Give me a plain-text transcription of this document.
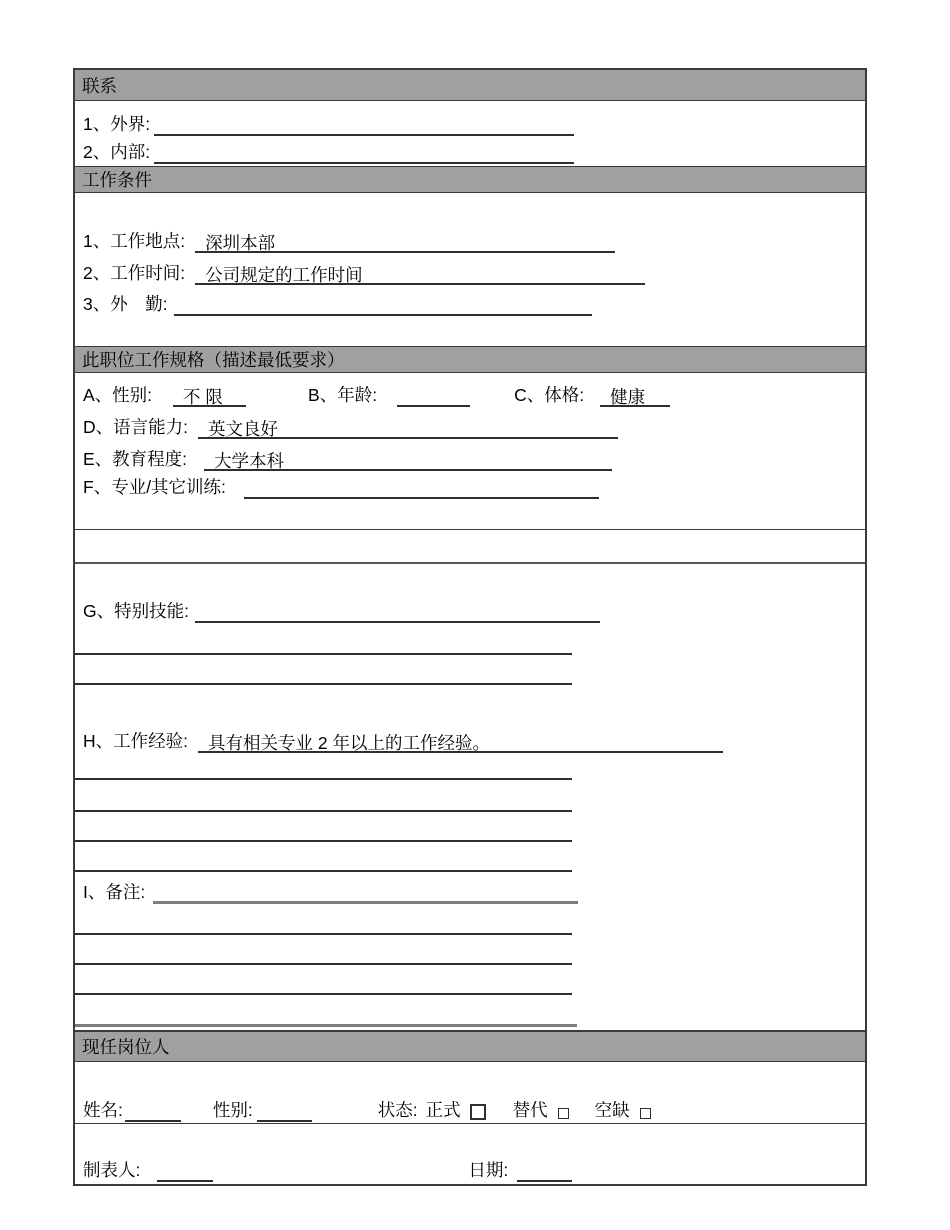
联系
1、外界:
2、内部:
工作条件
1、工作地点:	深圳本部
2、工作时间:	公司规定的工作时间
3、外　勤:
此职位工作规格（描述最低要求）
A、性别:	不 限	B、年龄:	C、体格:	健康
D、语言能力:	英文良好
E、教育程度:	大学本科
F、专业/其它训练:
G、特别技能:
H、工作经验:	具有相关专业 2 年以上的工作经验。
I、备注:
现任岗位人
姓名:	性别:	状态: 正式	替代	空缺
制表人:	日期:
